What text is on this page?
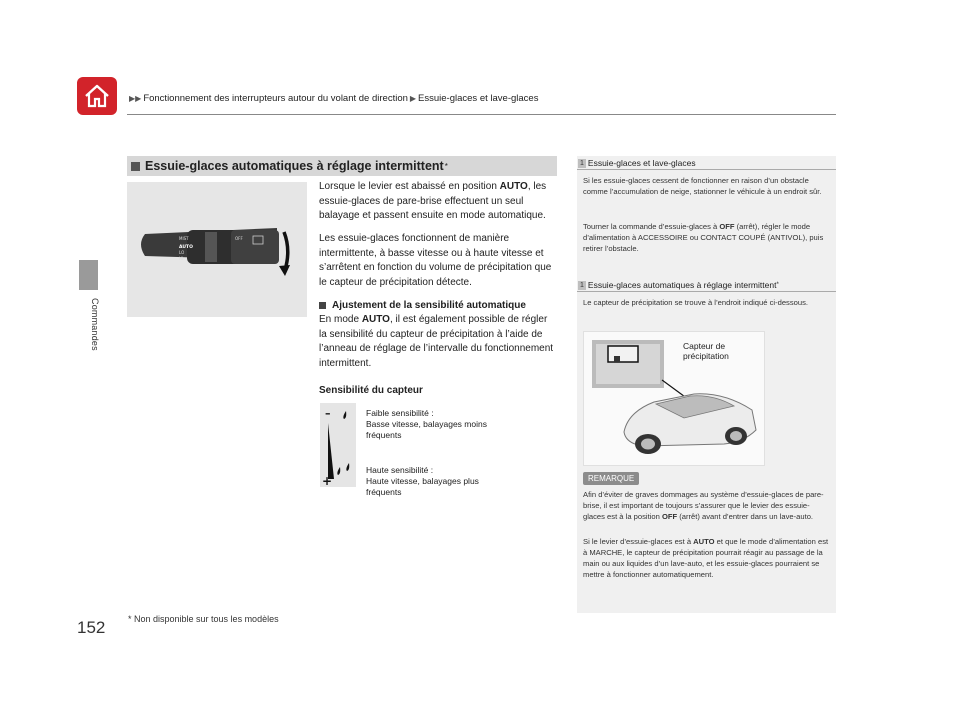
▶▶ Fonctionnement des interrupteurs autour du volant de direction ▶ Essuie-glaces et lave-glaces
Commandes
Essuie-glaces automatiques à réglage intermittent *
MIST	OFF
AUTO
LO
HI
Lorsque le levier est abaissé en position AUTO, les essuie-glaces de pare-brise effectuent un seul balayage et passent ensuite en mode automatique.
Les essuie-glaces fonctionnent de manière intermittente, à basse vitesse ou à haute vitesse et s’arrêtent en fonction du volume de précipitation que le capteur de précipitation détecte.
Ajustement de la sensibilité automatique
En mode AUTO, il est également possible de régler la sensibilité du capteur de précipitation à l’aide de l’anneau de réglage de l’intervalle du fonctionnement intermittent.
Sensibilité du capteur
–
+
Faible sensibilité :
Basse vitesse, balayages moins fréquents
Haute sensibilité :
Haute vitesse, balayages plus fréquents
1 Essuie-glaces et lave-glaces
Si les essuie-glaces cessent de fonctionner en raison d’un obstacle comme l’accumulation de neige, stationner le véhicule à un endroit sûr.
Tourner la commande d’essuie-glaces à OFF (arrêt), régler le mode d’alimentation à ACCESSOIRE ou CONTACT COUPÉ (ANTIVOL), puis retirer l’obstacle.
1 Essuie-glaces automatiques à réglage intermittent *
Le capteur de précipitation se trouve à l’endroit indiqué ci-dessous.
Capteur de précipitation
REMARQUE
Afin d’éviter de graves dommages au système d’essuie-glaces de pare-brise, il est important de toujours s’assurer que le levier des essuie-glaces est à la position OFF (arrêt) avant d’entrer dans un lave-auto.
Si le levier d’essuie-glaces est à AUTO et que le mode d’alimentation est à MARCHE, le capteur de précipitation pourrait réagir au passage de la main ou aux liquides d’un lave-auto, et les essuie-glaces pourraient se mettre à fonctionner automatiquement.
152	* Non disponible sur tous les modèles
